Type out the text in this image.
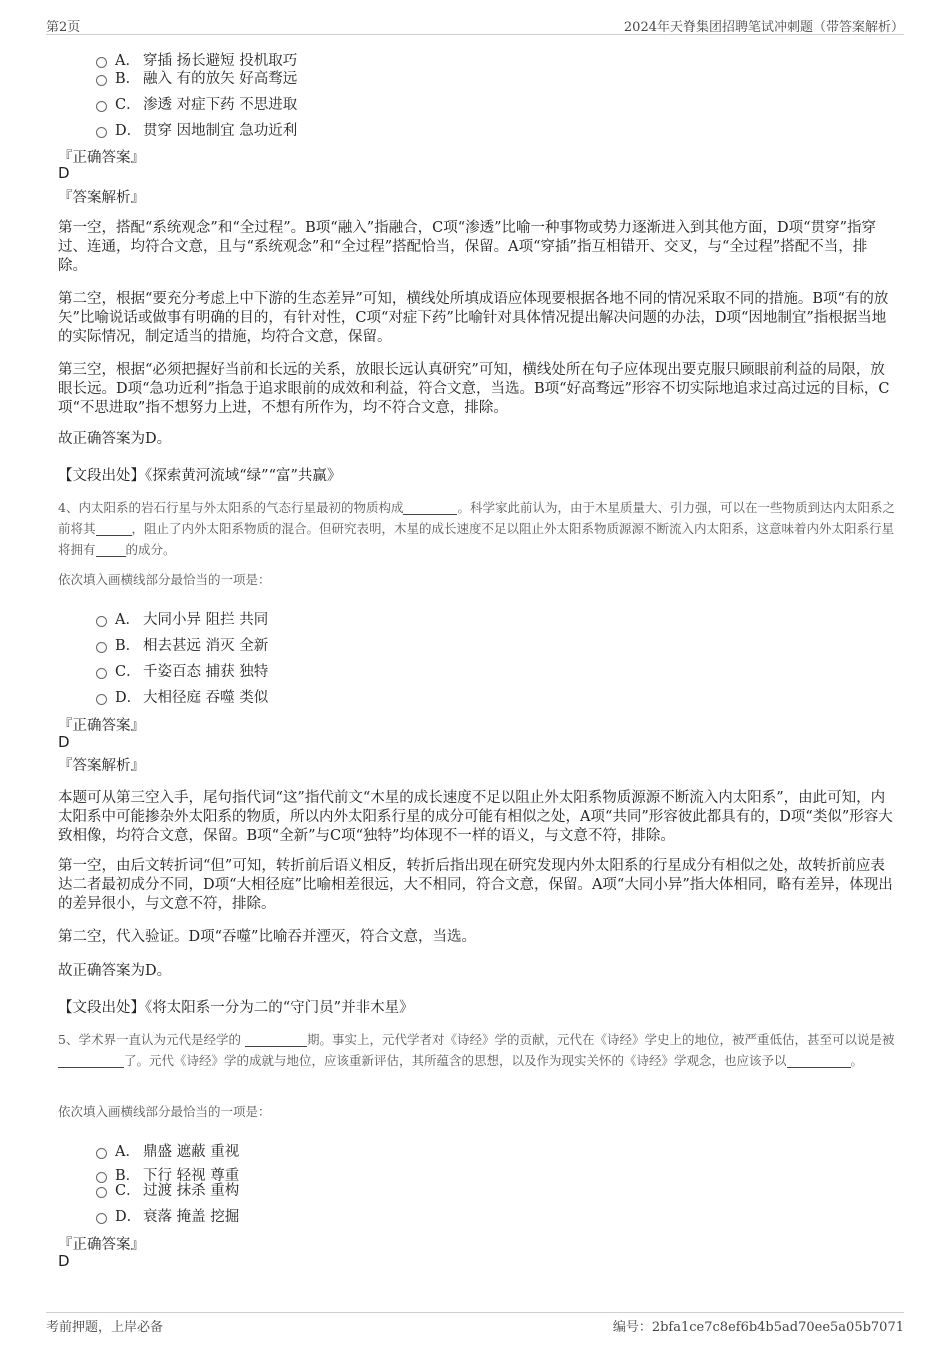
第2页	2024年天脊集团招聘笔试冲刺题（带答案解析）
A． 穿插 扬长避短 投机取巧
B． 融入 有的放矢 好高骛远
C． 渗透 对症下药 不思进取
D． 贯穿 因地制宜 急功近利
『正确答案』
D
『答案解析』
第一空，搭配“系统观念”和“全过程”。B项“融入”指融合，C项“渗透”比喻一种事物或势力逐渐进入到其他方面，D项“贯穿”指穿过、连通，均符合文意，且与“系统观念”和“全过程”搭配恰当，保留。A项“穿插”指互相错开、交叉，与“全过程”搭配不当，排除。
第二空，根据“要充分考虑上中下游的生态差异”可知，横线处所填成语应体现要根据各地不同的情况采取不同的措施。B项“有的放矢”比喻说话或做事有明确的目的，有针对性，C项“对症下药”比喻针对具体情况提出解决问题的办法，D项“因地制宜”指根据当地的实际情况，制定适当的措施，均符合文意，保留。
第三空，根据“必须把握好当前和长远的关系，放眼长远认真研究”可知，横线处所在句子应体现出要克服只顾眼前利益的局限，放眼长远。D项“急功近利”指急于追求眼前的成效和利益，符合文意，当选。B项“好高骛远”形容不切实际地追求过高过远的目标，C项“不思进取”指不想努力上进，不想有所作为，均不符合文意，排除。
故正确答案为D。
【文段出处】《探索黄河流域“绿”“富”共赢》
4、内太阳系的岩石行星与外太阳系的气态行星最初的物质构成	。科学家此前认为，由于木星质量大、引力强，可以在一些物质到达内太阳系之前将其	，阻止了内外太阳系物质的混合。但研究表明，木星的成长速度不足以阻止外太阳系物质源源不断流入内太阳系，这意味着内外太阳系行星将拥有 的成分。
依次填入画横线部分最恰当的一项是：
A． 大同小异 阻拦 共同
B． 相去甚远 消灭 全新
C． 千姿百态 捕获 独特
D． 大相径庭 吞噬 类似
『正确答案』
D
『答案解析』
本题可从第三空入手，尾句指代词“这”指代前文“木星的成长速度不足以阻止外太阳系物质源源不断流入内太阳系”，由此可知，内太阳系中可能掺杂外太阳系的物质，所以内外太阳系行星的成分可能有相似之处，A项“共同”形容彼此都具有的，D项“类似”形容大致相像，均符合文意，保留。B项“全新”与C项“独特”均体现不一样的语义，与文意不符，排除。
第一空，由后文转折词“但”可知，转折前后语义相反，转折后指出现在研究发现内外太阳系的行星成分有相似之处，故转折前应表达二者最初成分不同，D项“大相径庭”比喻相差很远，大不相同，符合文意，保留。A项“大同小异”指大体相同，略有差异，体现出的差异很小，与文意不符，排除。
第二空，代入验证。D项“吞噬”比喻吞并湮灭，符合文意，当选。
故正确答案为D。
【文段出处】《将太阳系一分为二的“守门员”并非木星》
5、学术界一直认为元代是经学的	期。事实上，元代学者对《诗经》学的贡献，元代在《诗经》学史上的地位，被严重低估，甚至可以说是被 了。元代《诗经》学的成就与地位，应该重新评估，其所蕴含的思想，以及作为现实关怀的《诗经》学观念，也应该予以	。
依次填入画横线部分最恰当的一项是：
A． 鼎盛 遮蔽 重视
B． 下行 轻视 尊重
C． 过渡 抹杀 重构
D． 衰落 掩盖 挖掘
『正确答案』
D
考前押题，上岸必备	编号：2bfa1ce7c8ef6b4b5ad70ee5a05b7071
